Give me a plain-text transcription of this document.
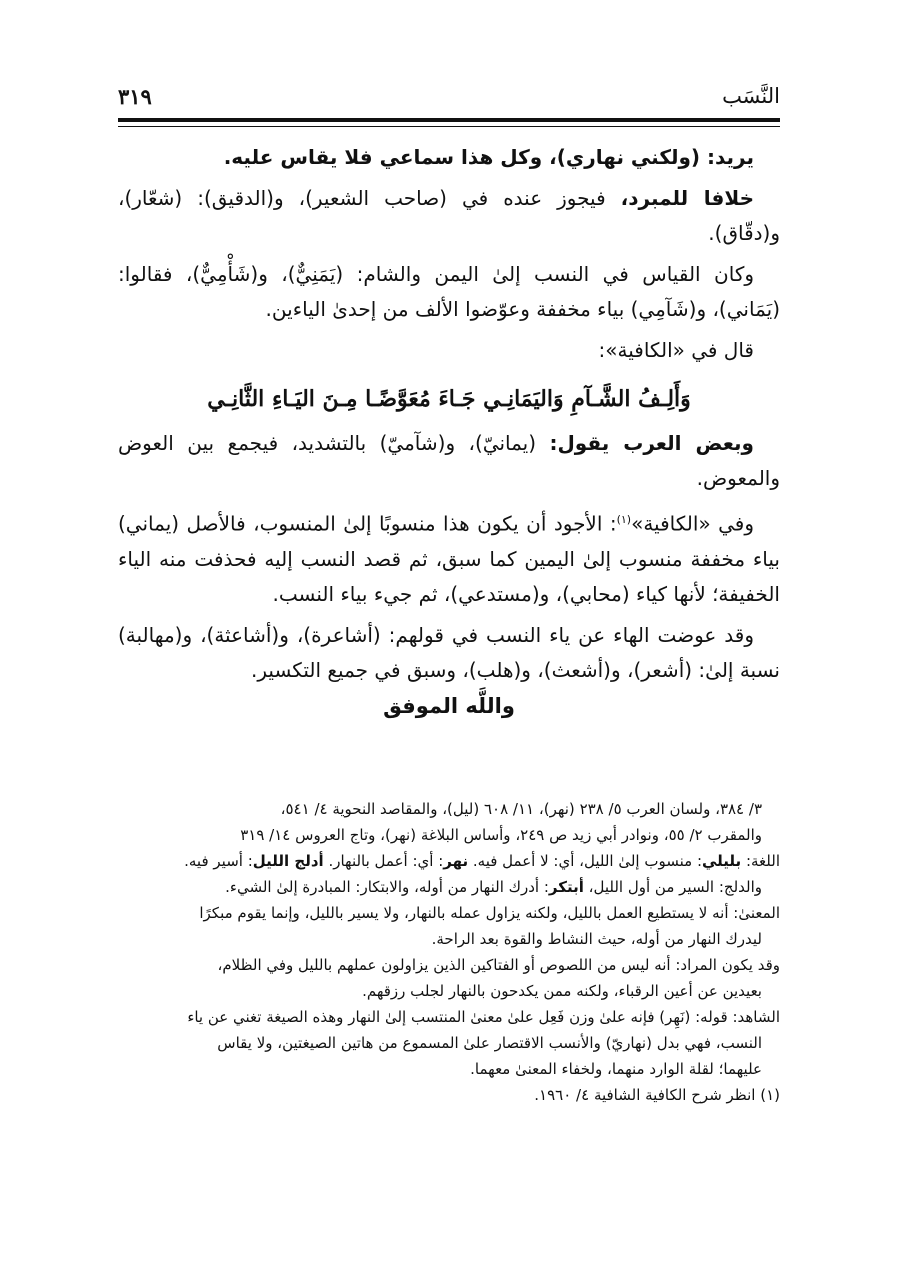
النَّسَب
٣١٩

يريد: (ولكني نهاري)، وكل هذا سماعي فلا يقاس عليه.

خلافا للمبرد، فيجوز عنده في (صاحب الشعير)، و(الدقيق): (شعّار)، و(دقّاق).

وكان القياس في النسب إلىٰ اليمن والشام: (يَمَنِيٌّ)، و(شَأْمِيٌّ)، فقالوا: (يَمَاني)، و(شَآمِي) بياء مخففة وعوّضوا الألف من إحدىٰ الياءين.

قال في «الكافية»:

وَأَلِـفُ الشَّـآمِ وَاليَمَانِـي جَـاءَ مُعَوَّضًـا مِـنَ اليَـاءِ الثَّانِـي

وبعض العرب يقول: (يمانيّ)، و(شآميّ) بالتشديد، فيجمع بين العوض والمعوض.

وفي «الكافية»$^{(١)}$: الأجود أن يكون هذا منسوبًا إلىٰ المنسوب، فالأصل (يماني) بياء مخففة منسوب إلىٰ اليمين كما سبق، ثم قصد النسب إليه فحذفت منه الياء الخفيفة؛ لأنها كياء (محابي)، و(مستدعي)، ثم جيء بياء النسب.

وقد عوضت الهاء عن ياء النسب في قولهم: (أشاعرة)، و(أشاعثة)، و(مهالبة) نسبة إلىٰ: (أشعر)، و(أشعث)، و(هلب)، وسبق في جميع التكسير.

واللَّه الموفق

٣/ ٣٨٤، ولسان العرب ٥/ ٢٣٨ (نهر)، ١١/ ٦٠٨ (ليل)، والمقاصد النحوية ٤/ ٥٤١،

والمقرب ٢/ ٥٥، ونوادر أبي زيد ص ٢٤٩، وأساس البلاغة (نهر)، وتاج العروس ١٤/ ٣١٩

اللغة: بليلي: منسوب إلىٰ الليل، أي: لا أعمل فيه. نهر: أي: أعمل بالنهار. أدلج الليل: أسير فيه.

والدلج: السير من أول الليل، أبتكر: أدرك النهار من أوله، والابتكار: المبادرة إلىٰ الشيء.

المعنىٰ: أنه لا يستطيع العمل بالليل، ولكنه يزاول عمله بالنهار، ولا يسير بالليل، وإنما يقوم مبكرًا

ليدرك النهار من أوله، حيث النشاط والقوة بعد الراحة.

وقد يكون المراد: أنه ليس من اللصوص أو الفتاكين الذين يزاولون عملهم بالليل وفي الظلام،

بعيدين عن أعين الرقباء، ولكنه ممن يكدحون بالنهار لجلب رزقهم.

الشاهد: قوله: (نَهِر) فإنه علىٰ وزن فَعِل علىٰ معنىٰ المنتسب إلىٰ النهار وهذه الصيغة تغني عن ياء

النسب، فهي بدل (نهاريّ) والأنسب الاقتصار علىٰ المسموع من هاتين الصيغتين، ولا يقاس

عليهما؛ لقلة الوارد منهما، ولخفاء المعنىٰ معهما.

(١) انظر شرح الكافية الشافية ٤/ ١٩٦٠.
